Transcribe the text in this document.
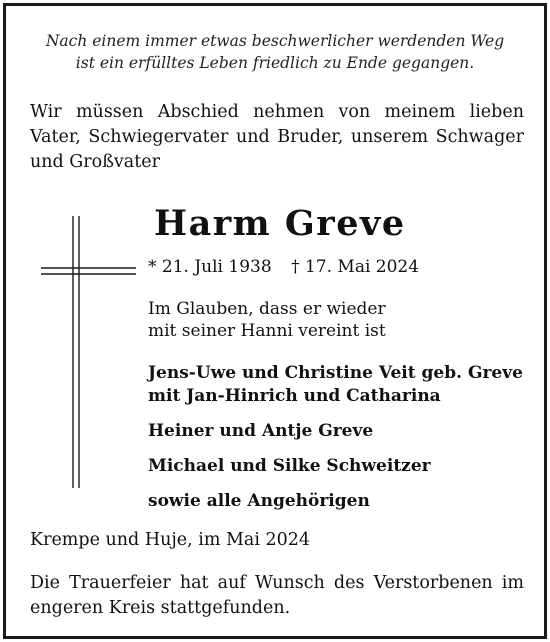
Nach einem immer etwas beschwerlicher werdenden Weg
ist ein erfülltes Leben friedlich zu Ende gegangen.
Wir müssen Abschied nehmen von meinem lieben Vater, Schwiegervater und Bruder, unserem Schwager und Großvater
Harm Greve
* 21. Juli 1938 † 17. Mai 2024
Im Glauben, dass er wieder
mit seiner Hanni vereint ist
Jens-Uwe und Christine Veit geb. Greve
mit Jan-Hinrich und Catharina
Heiner und Antje Greve
Michael und Silke Schweitzer
sowie alle Angehörigen
Krempe und Huje, im Mai 2024
Die Trauerfeier hat auf Wunsch des Verstorbenen im engeren Kreis stattgefunden.
